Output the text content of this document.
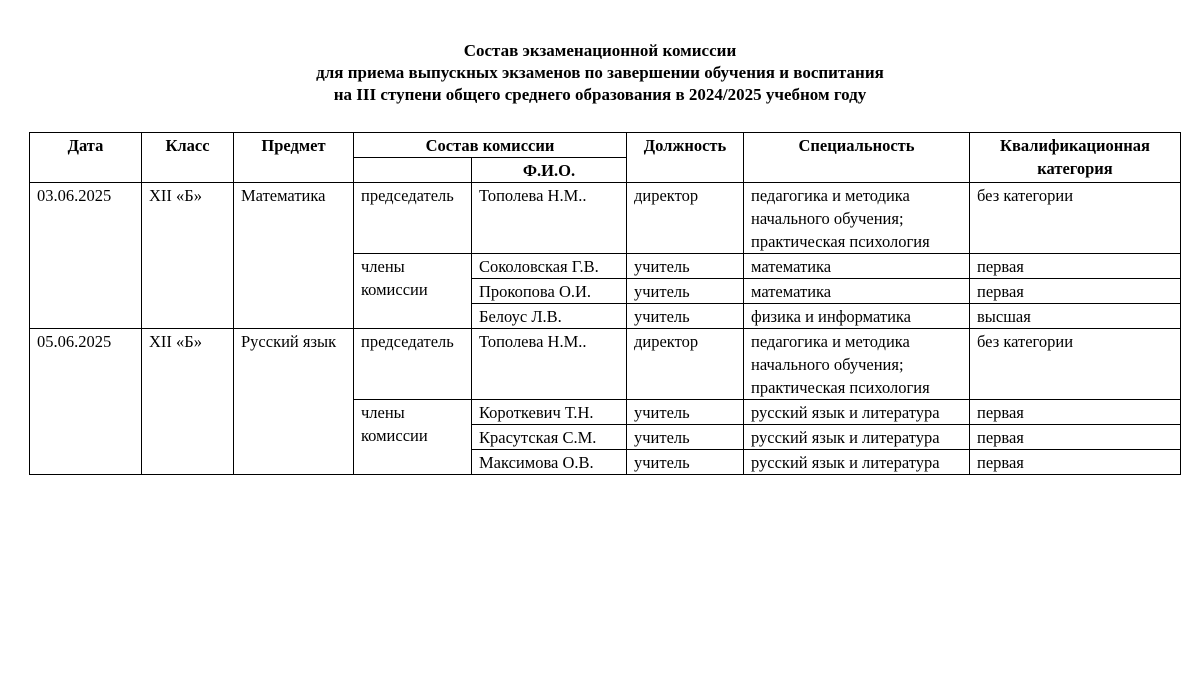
Состав экзаменационной комиссии
для приема выпускных экзаменов по завершении обучения и воспитания
на III ступени общего среднего образования в 2024/2025 учебном году
Дата	Класс	Предмет	Состав комиссии		Должность	Специальность	Квалификационная категория
				Ф.И.О.			
03.06.2025	XII «Б»	Математика	председатель	Тополева Н.М..	директор	педагогика и методика начального обучения; практическая психология	без категории
			члены комиссии	Соколовская Г.В.	учитель	математика	первая
				Прокопова О.И.	учитель	математика	первая
				Белоус Л.В.	учитель	физика и информатика	высшая
05.06.2025	XII «Б»	Русский язык	председатель	Тополева Н.М..	директор	педагогика и методика начального обучения; практическая психология	без категории
			члены комиссии	Короткевич Т.Н.	учитель	русский язык и литература	первая
				Красутская С.М.	учитель	русский язык и литература	первая
				Максимова О.В.	учитель	русский язык и литература	первая
